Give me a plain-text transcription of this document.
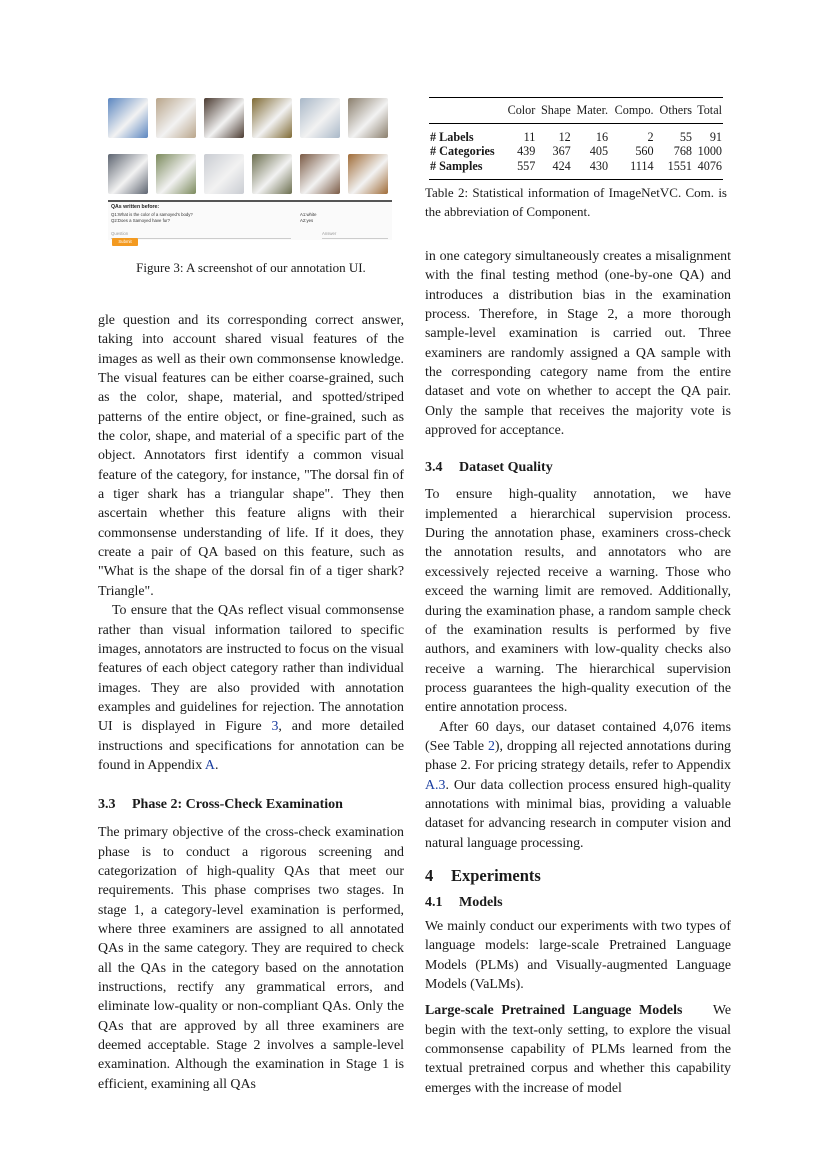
QAs written before:
Q1:What is the color of a samoyed's body?
Q2:Does a Samoyed have fur?
A1:white
A2:yes
Question	Answer
Submit
Figure 3: A screenshot of our annotation UI.
	Color	Shape	Mater.	Compo.	Others	Total
# Labels	11	12	16	2	55	91
# Categories	439	367	405	560	768	1000
# Samples	557	424	430	1114	1551	4076
Table 2: Statistical information of ImageNetVC. Com. is the abbreviation of Component.

gle question and its corresponding correct answer, taking into account shared visual features of the images as well as their own commonsense knowledge. The visual features can be either coarse-grained, such as the color, shape, material, and spotted/striped patterns of the entire object, or fine-grained, such as the color, shape, and material of a specific part of the object. Annotators first identify a common visual feature of the category, for instance, "The dorsal fin of a tiger shark has a triangular shape". They then ascertain whether this feature aligns with their commonsense understanding of life. If it does, they create a pair of QA based on this feature, such as "What is the shape of the dorsal fin of a tiger shark? Triangle".

To ensure that the QAs reflect visual commonsense rather than visual information tailored to specific images, annotators are instructed to focus on the visual features of each object category rather than individual images. They are also provided with annotation examples and guidelines for rejection. The annotation UI is displayed in Figure 3, and more detailed instructions and specifications for annotation can be found in Appendix A.

3.3 Phase 2: Cross-Check Examination

The primary objective of the cross-check examination phase is to conduct a rigorous screening and categorization of high-quality QAs that meet our requirements. This phase comprises two stages. In stage 1, a category-level examination is performed, where three examiners are assigned to all annotated QAs in the same category. They are required to check all the QAs in the category based on the annotation instructions, rectify any grammatical errors, and eliminate low-quality or non-compliant QAs. Only the QAs that are approved by all three examiners are deemed acceptable. Stage 2 involves a sample-level examination. Although the examination in Stage 1 is efficient, examining all QAs

in one category simultaneously creates a misalignment with the final testing method (one-by-one QA) and introduces a distribution bias in the examination process. Therefore, in Stage 2, a more thorough sample-level examination is carried out. Three examiners are randomly assigned a QA sample with the corresponding category name from the entire dataset and vote on whether to accept the QA pair. Only the sample that receives the majority vote is approved for acceptance.

3.4 Dataset Quality

To ensure high-quality annotation, we have implemented a hierarchical supervision process. During the annotation phase, examiners cross-check the annotation results, and annotators who are excessively rejected receive a warning. Those who exceed the warning limit are removed. Additionally, during the examination phase, a random sample check of the examination results is performed by five authors, and examiners with low-quality checks also receive a warning. The hierarchical supervision process guarantees the high-quality execution of the entire annotation process.

After 60 days, our dataset contained 4,076 items (See Table 2), dropping all rejected annotations during phase 2. For pricing strategy details, refer to Appendix A.3. Our data collection process ensured high-quality annotations with minimal bias, providing a valuable dataset for advancing research in computer vision and natural language processing.

4 Experiments
4.1 Models

We mainly conduct our experiments with two types of language models: large-scale Pretrained Language Models (PLMs) and Visually-augmented Language Models (VaLMs).

Large-scale Pretrained Language Models We begin with the text-only setting, to explore the visual commonsense capability of PLMs learned from the textual pretrained corpus and whether this capability emerges with the increase of model
